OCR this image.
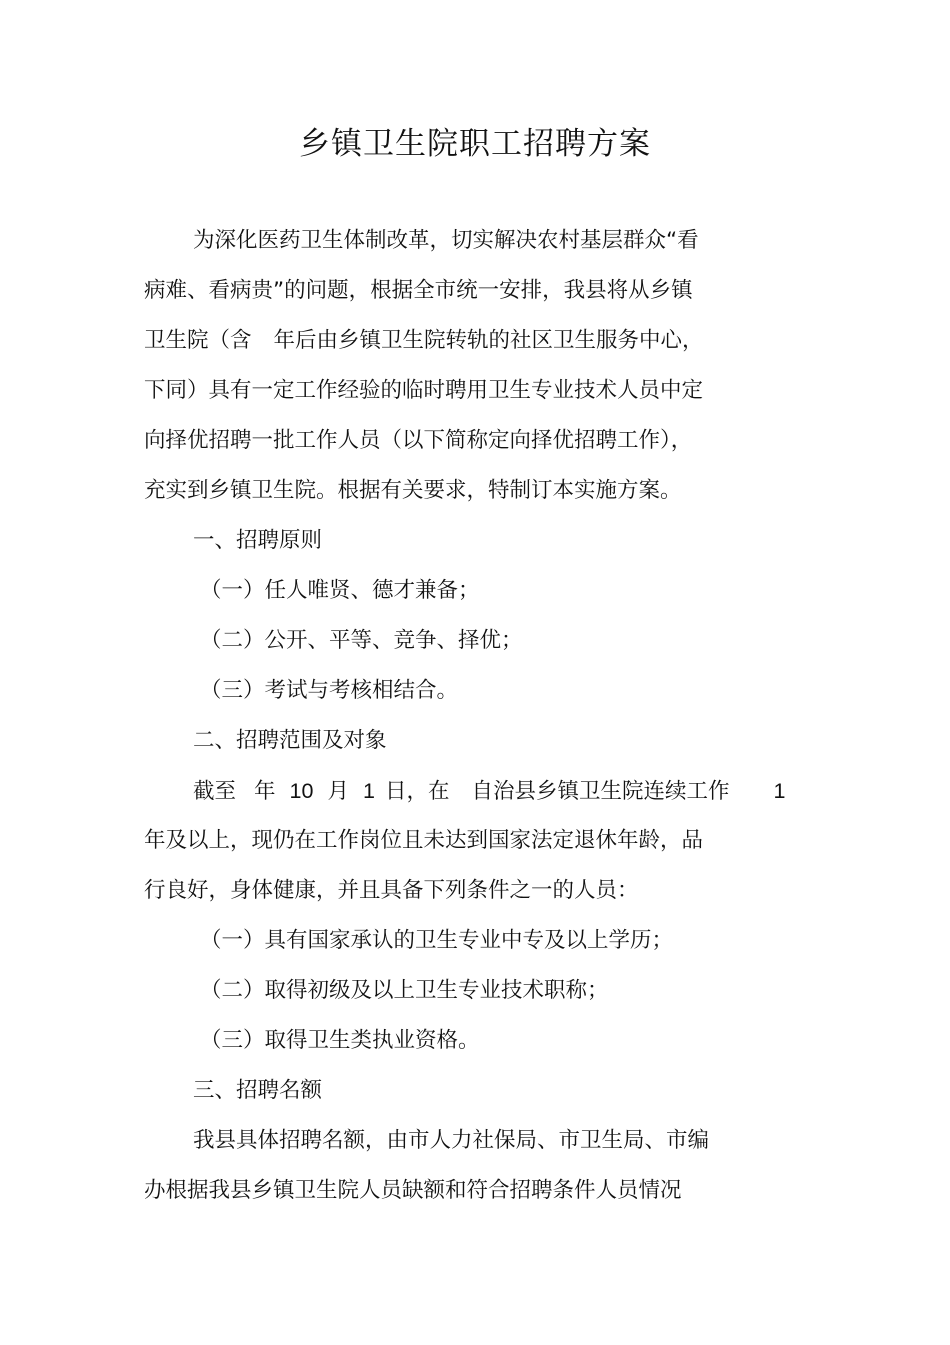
乡镇卫生院职工招聘方案
为深化医药卫生体制改革，切实解决农村基层群众“看
病难、看病贵”的问题，根据全市统一安排，我县将从乡镇
卫生院（含 年后由乡镇卫生院转轨的社区卫生服务中心，
下同）具有一定工作经验的临时聘用卫生专业技术人员中定
向择优招聘一批工作人员（以下简称定向择优招聘工作），
充实到乡镇卫生院。根据有关要求，特制订本实施方案。
一、招聘原则
（一）任人唯贤、德才兼备；
（二）公开、平等、竞争、择优；
（三）考试与考核相结合。
二、招聘范围及对象
截至 年 10 月 1 日，在 自治县乡镇卫生院连续工作 1
年及以上，现仍在工作岗位且未达到国家法定退休年龄，品
行良好，身体健康，并且具备下列条件之一的人员：
（一）具有国家承认的卫生专业中专及以上学历；
（二）取得初级及以上卫生专业技术职称；
（三）取得卫生类执业资格。
三、招聘名额
我县具体招聘名额，由市人力社保局、市卫生局、市编
办根据我县乡镇卫生院人员缺额和符合招聘条件人员情况
